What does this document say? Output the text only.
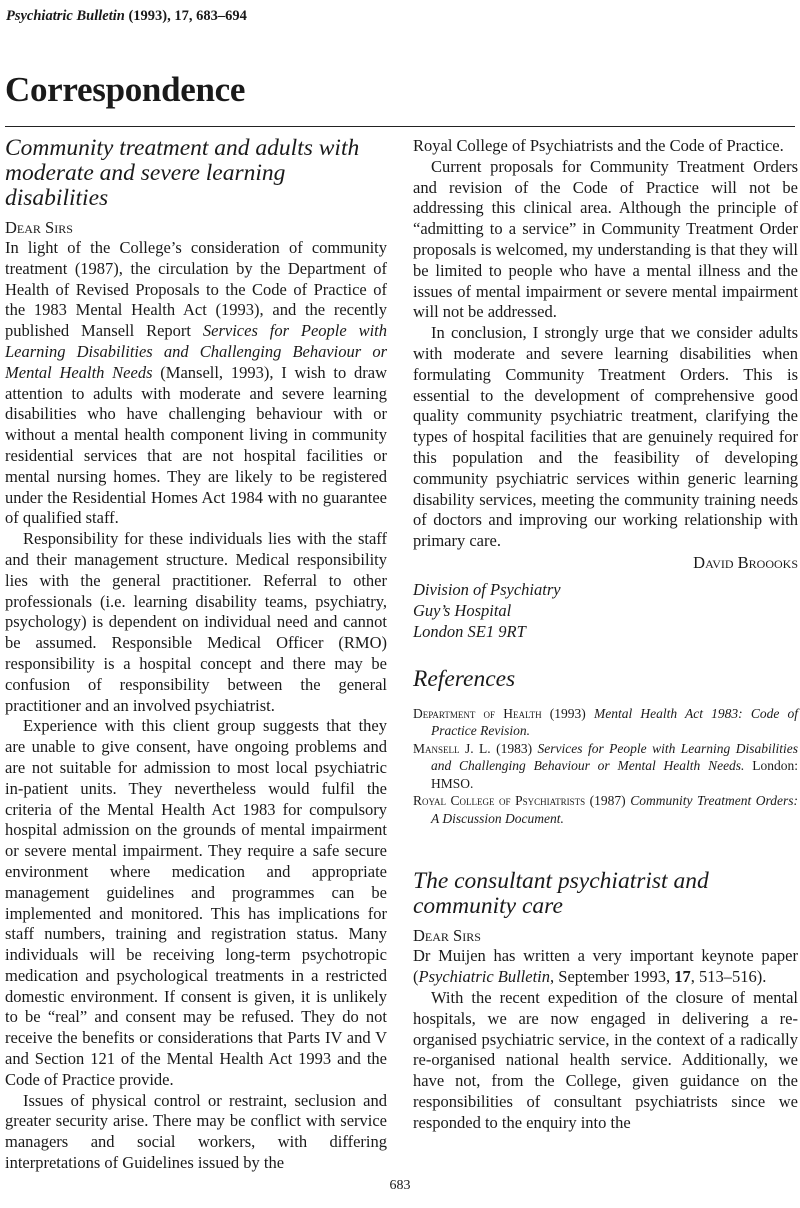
Psychiatric Bulletin (1993), 17, 683–694
Correspondence
Community treatment and adults with moderate and severe learning disabilities

Dear Sirs

In light of the College’s consideration of community treatment (1987), the circulation by the Department of Health of Revised Proposals to the Code of Practice of the 1983 Mental Health Act (1993), and the recently published Mansell Report Services for People with Learning Disabilities and Challenging Behaviour or Mental Health Needs (Mansell, 1993), I wish to draw attention to adults with moderate and severe learning disabilities who have challenging behaviour with or without a mental health component living in community residential services that are not hospital facilities or mental nursing homes. They are likely to be registered under the Residential Homes Act 1984 with no guarantee of qualified staff.

Responsibility for these individuals lies with the staff and their management structure. Medical responsibility lies with the general practitioner. Referral to other professionals (i.e. learning disability teams, psychiatry, psychology) is dependent on individual need and cannot be assumed. Responsible Medical Officer (RMO) responsibility is a hospital concept and there may be confusion of responsibility between the general practitioner and an involved psychiatrist.

Experience with this client group suggests that they are unable to give consent, have ongoing problems and are not suitable for admission to most local psychiatric in-patient units. They nevertheless would fulfil the criteria of the Mental Health Act 1983 for compulsory hospital admission on the grounds of mental impairment or severe mental impairment. They require a safe secure environment where medication and appropriate management guidelines and programmes can be implemented and monitored. This has implications for staff numbers, training and registration status. Many individuals will be receiving long-term psychotropic medication and psychological treatments in a restricted domestic environment. If consent is given, it is unlikely to be “real” and consent may be refused. They do not receive the benefits or considerations that Parts IV and V and Section 121 of the Mental Health Act 1993 and the Code of Practice provide.

Issues of physical control or restraint, seclusion and greater security arise. There may be conflict with service managers and social workers, with differing interpretations of Guidelines issued by the

Royal College of Psychiatrists and the Code of Practice.

Current proposals for Community Treatment Orders and revision of the Code of Practice will not be addressing this clinical area. Although the principle of “admitting to a service” in Community Treatment Order proposals is welcomed, my understanding is that they will be limited to people who have a mental illness and the issues of mental impairment or severe mental impairment will not be addressed.

In conclusion, I strongly urge that we consider adults with moderate and severe learning disabilities when formulating Community Treatment Orders. This is essential to the development of comprehensive good quality community psychiatric treatment, clarifying the types of hospital facilities that are genuinely required for this population and the feasibility of developing community psychiatric services within generic learning disability services, meeting the community training needs of doctors and improving our working relationship with primary care.

David Broooks

Division of Psychiatry
Guy’s Hospital
London SE1 9RT
References

Department of Health (1993) Mental Health Act 1983: Code of Practice Revision.

Mansell J. L. (1983) Services for People with Learning Disabilities and Challenging Behaviour or Mental Health Needs. London: HMSO.

Royal College of Psychiatrists (1987) Community Treatment Orders: A Discussion Document.

The consultant psychiatrist and community care

Dear Sirs

Dr Muijen has written a very important keynote paper (Psychiatric Bulletin, September 1993, 17, 513–516).

With the recent expedition of the closure of mental hospitals, we are now engaged in delivering a re-organised psychiatric service, in the context of a radically re-organised national health service. Additionally, we have not, from the College, given guidance on the responsibilities of consultant psychiatrists since we responded to the enquiry into the

683
